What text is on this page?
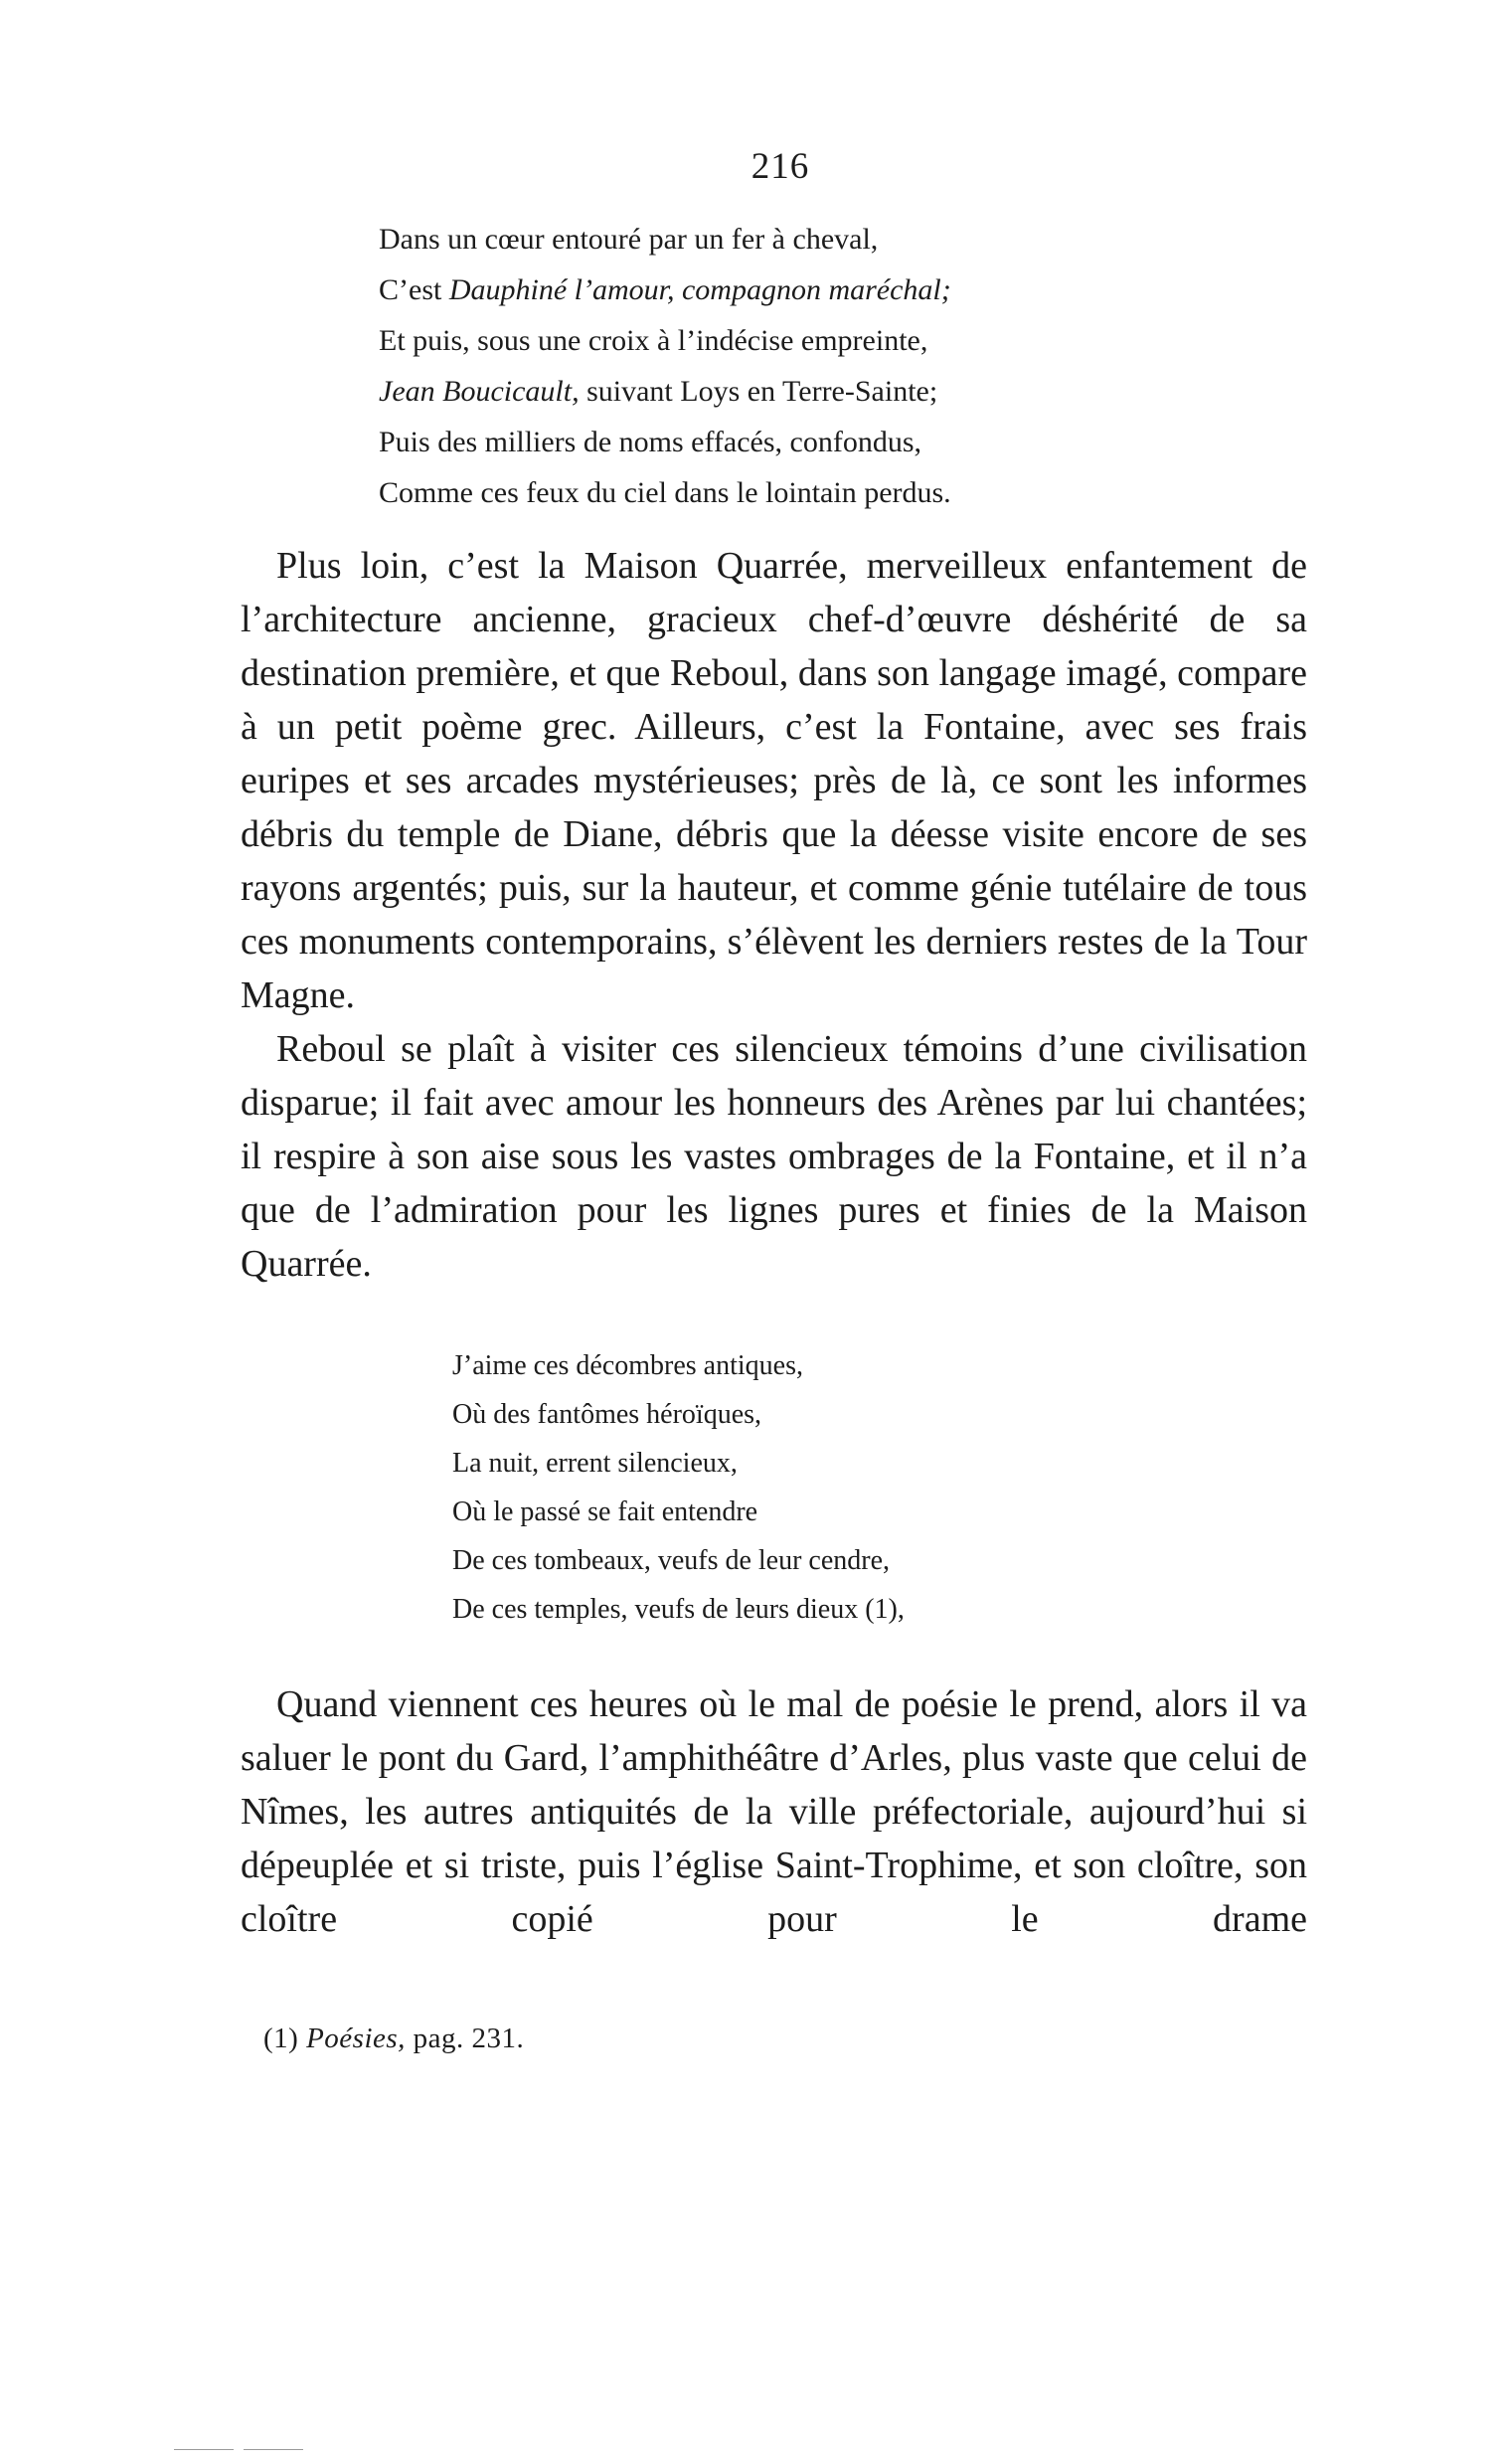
216
Dans un cœur entouré par un fer à cheval,
C’est Dauphiné l’amour, compagnon maréchal;
Et puis, sous une croix à l’indécise empreinte,
Jean Boucicault, suivant Loys en Terre-Sainte;
Puis des milliers de noms effacés, confondus,
Comme ces feux du ciel dans le lointain perdus.

Plus loin, c’est la Maison Quarrée, merveilleux enfantement de l’architecture ancienne, gracieux chef-d’œuvre déshérité de sa destination première, et que Reboul, dans son langage imagé, compare à un petit poème grec. Ailleurs, c’est la Fontaine, avec ses frais euripes et ses arcades mystérieuses; près de là, ce sont les informes débris du temple de Diane, débris que la déesse visite encore de ses rayons argentés; puis, sur la hauteur, et comme génie tutélaire de tous ces monuments contemporains, s’élèvent les derniers restes de la Tour Magne.

Reboul se plaît à visiter ces silencieux témoins d’une civilisation disparue; il fait avec amour les honneurs des Arènes par lui chantées; il respire à son aise sous les vastes ombrages de la Fontaine, et il n’a que de l’admiration pour les lignes pures et finies de la Maison Quarrée.

J’aime ces décombres antiques,
Où des fantômes héroïques,
La nuit, errent silencieux,
Où le passé se fait entendre
De ces tombeaux, veufs de leur cendre,
De ces temples, veufs de leurs dieux (1),

Quand viennent ces heures où le mal de poésie le prend, alors il va saluer le pont du Gard, l’amphithéâtre d’Arles, plus vaste que celui de Nîmes, les autres antiquités de la ville préfectoriale, aujourd’hui si dépeuplée et si triste, puis l’église Saint-Trophime, et son cloître, son cloître copié pour le drame

(1) Poésies, pag. 231.
